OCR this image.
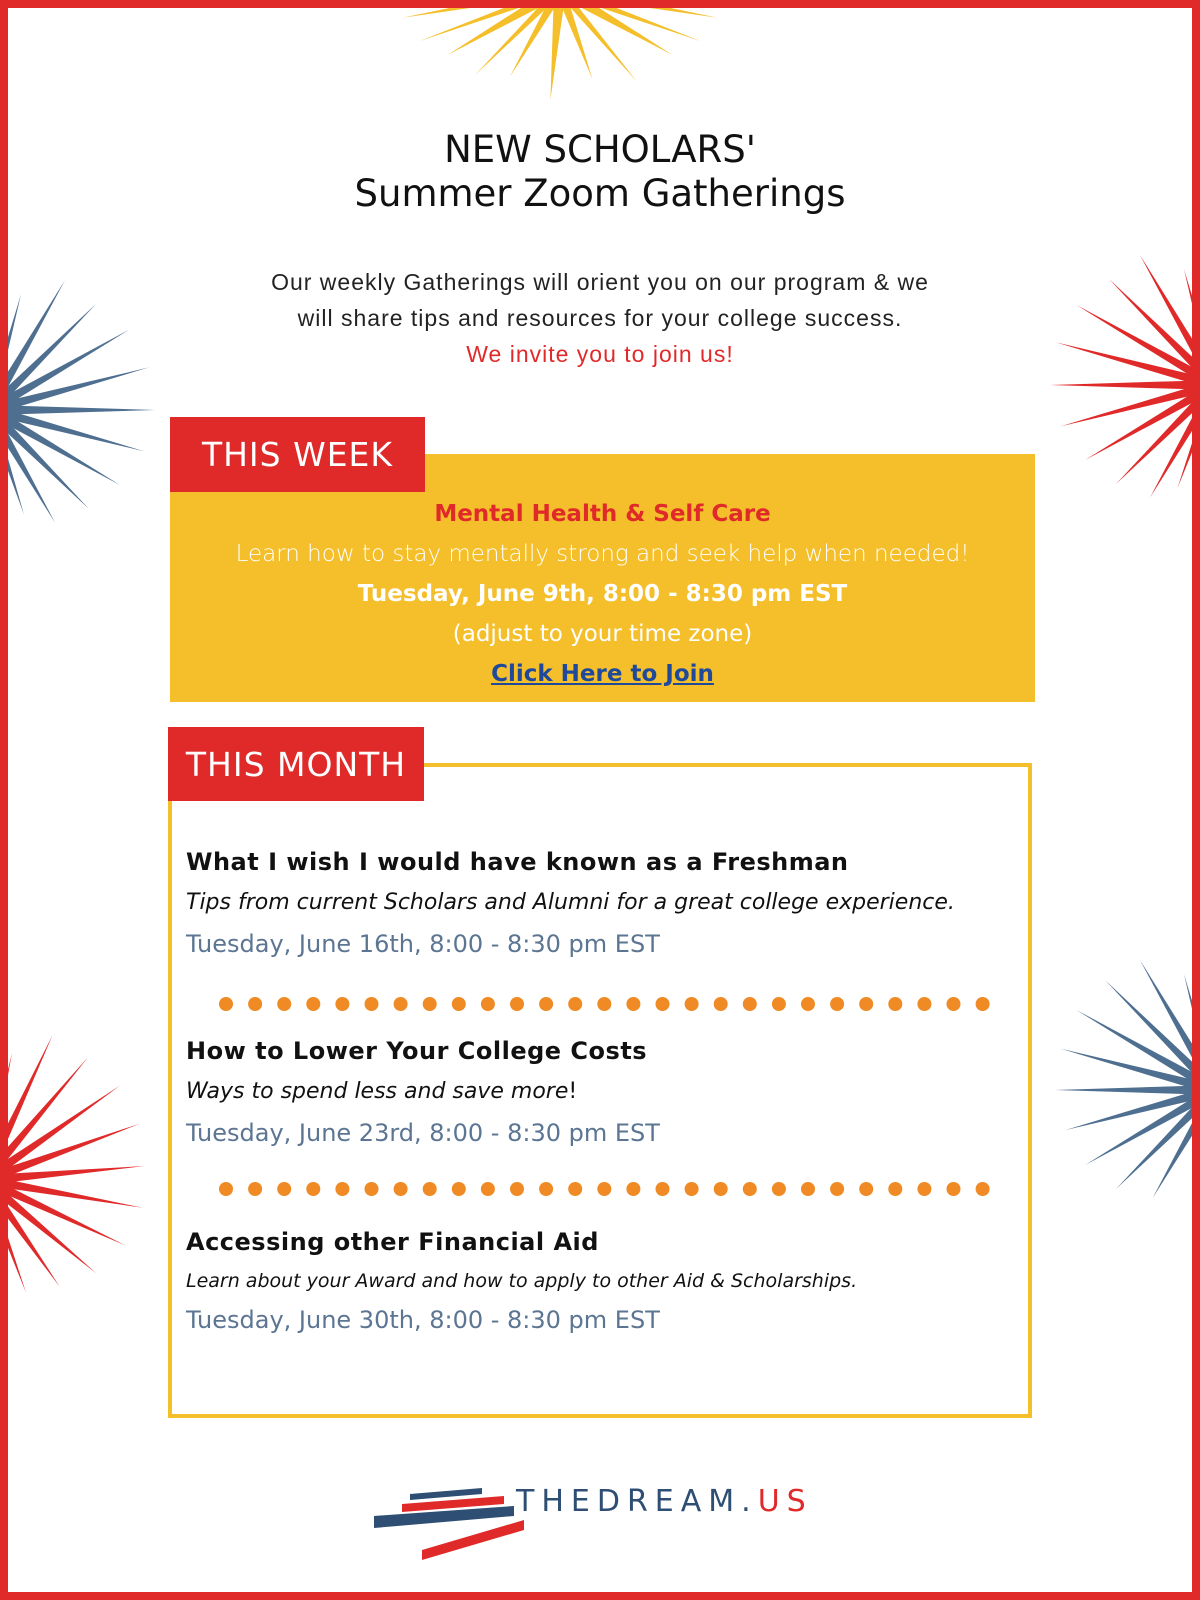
NEW SCHOLARS'
Summer Zoom Gatherings
Our weekly Gatherings will orient you on our program & we
will share tips and resources for your college success.
We invite you to join us!
THIS WEEK
Mental Health & Self Care
Learn how to stay mentally strong and seek help when needed!
Tuesday, June 9th, 8:00 - 8:30 pm EST
(adjust to your time zone)
Click Here to Join
THIS MONTH
What I wish I would have known as a Freshman
Tips from current Scholars and Alumni for a great college experience.
Tuesday, June 16th, 8:00 - 8:30 pm EST
How to Lower Your College Costs
Ways to spend less and save more!
Tuesday, June 23rd, 8:00 - 8:30 pm EST
Accessing other Financial Aid
Learn about your Award and how to apply to other Aid & Scholarships.
Tuesday, June 30th, 8:00 - 8:30 pm EST
THEDREAM.US
